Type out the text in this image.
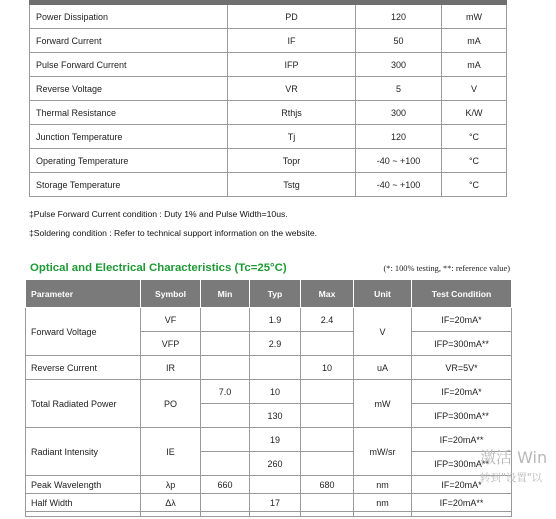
Power Dissipation	PD	120	mW
Forward Current	IF	50	mA
Pulse Forward Current	IFP	300	mA
Reverse Voltage	VR	5	V
Thermal Resistance	Rthjs	300	K/W
Junction Temperature	Tj	120	°C
Operating Temperature	Topr	-40 ~ +100	°C
Storage Temperature	Tstg	-40 ~ +100	°C
‡Pulse Forward Current condition : Duty 1% and Pulse Width=10us.
‡Soldering condition : Refer to technical support information on the website.
Optical and Electrical Characteristics (Tc=25°C)	(*: 100% testing, **: reference value)
Parameter	Symbol	Min	Typ	Max	Unit	Test Condition
Forward Voltage	VF		1.9	2.4	V	IF=20mA*
	VFP		2.9			IFP=300mA**
Reverse Current	IR			10	uA	VR=5V*
Total Radiated Power	PO	7.0	10		mW	IF=20mA*
			130			IFP=300mA**
Radiant Intensity	IE		19		mW/sr	IF=20mA**
			260			IFP=300mA**
Peak Wavelength	λp	660		680	nm	IF=20mA*
Half Width	Δλ		17		nm	IF=20mA**

激活 Win
转到"设置"以
